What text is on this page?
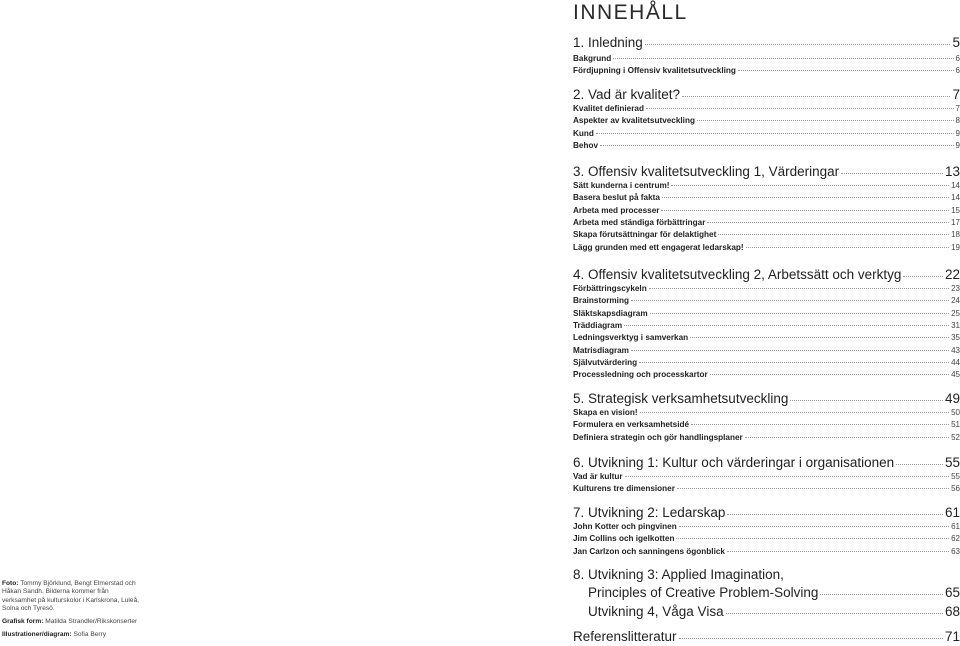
INNEHÅLL
1. Inledning	5
Bakgrund	6
Fördjupning i Offensiv kvalitetsutveckling	6
2. Vad är kvalitet?	7
Kvalitet definierad	7
Aspekter av kvalitetsutveckling	8
Kund	9
Behov	9
3. Offensiv kvalitetsutveckling 1, Värderingar	13
Sätt kunderna i centrum!	14
Basera beslut på fakta	14
Arbeta med processer	15
Arbeta med ständiga förbättringar	17
Skapa förutsättningar för delaktighet	18
Lägg grunden med ett engagerat ledarskap!	19
4. Offensiv kvalitetsutveckling 2, Arbetssätt och verktyg	22
Förbättringscykeln	23
Brainstorming	24
Släktskapsdiagram	25
Träddiagram	31
Ledningsverktyg i samverkan	35
Matrisdiagram	43
Självutvärdering	44
Processledning och processkartor	45
5. Strategisk verksamhetsutveckling	49
Skapa en vision!	50
Formulera en verksamhetsidé	51
Definiera strategin och gör handlingsplaner	52
6. Utvikning 1: Kultur och värderingar i organisationen	55
Vad är kultur	55
Kulturens tre dimensioner	56
7. Utvikning 2: Ledarskap	61
John Kotter och pingvinen	61
Jim Collins och igelkotten	62
Jan Carlzon och sanningens ögonblick	63
8. Utvikning 3: Applied Imagination,
Principles of Creative Problem-Solving	65
Utvikning 4, Våga Visa	68
Referenslitteratur	71

Foto: Tommy Björklund, Bengt Elmerstad och Håkan Sandh. Bilderna kommer från verksamhet på kulturskolor i Karlskrona, Luleå, Solna och Tyresö.

Grafisk form: Matilda Strandler/Rikskonserter

Illustrationer/diagram: Sofia Berry
